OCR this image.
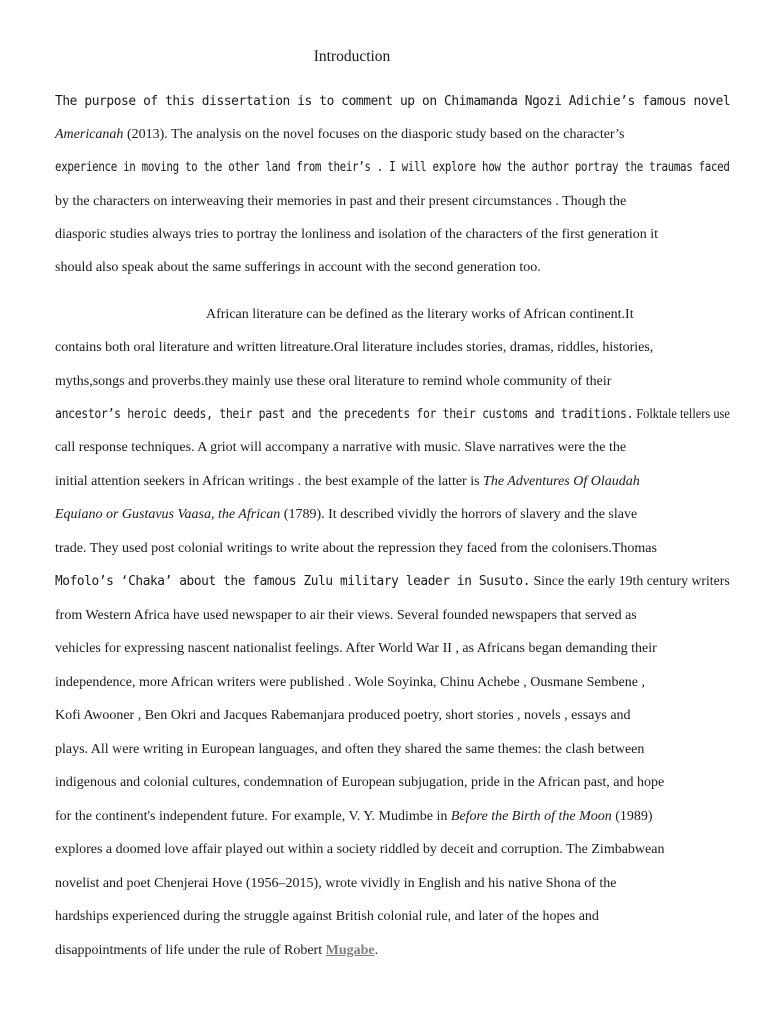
Introduction
The purpose of this dissertation is to comment up on Chimamanda Ngozi Adichie’s famous novel
Americanah (2013). The analysis on the novel focuses on the diasporic study based on the character’s
experience in moving to the other land from their’s . I will explore how the author portray the traumas faced
by the characters on interweaving their memories in past and their present circumstances . Though the
diasporic studies always tries to portray the lonliness and isolation of the characters of the first generation it
should also speak about the same sufferings in account with the second generation too.
African literature can be defined as the literary works of African continent.It
contains both oral literature and written litreature.Oral literature includes stories, dramas, riddles, histories,
myths,songs and proverbs.they mainly use these oral literature to remind whole community of their
ancestor’s heroic deeds, their past and the precedents for their customs and traditions. Folktale tellers use
call response techniques. A griot will accompany a narrative with music. Slave narratives were the the
initial attention seekers in African writings . the best example of the latter is The Adventures Of Olaudah
Equiano or Gustavus Vaasa, the African (1789). It described vividly the horrors of slavery and the slave
trade. They used post colonial writings to write about the repression they faced from the colonisers.Thomas
Mofolo’s ‘Chaka’ about the famous Zulu military leader in Susuto. Since the early 19th century writers
from Western Africa have used newspaper to air their views. Several founded newspapers that served as
vehicles for expressing nascent nationalist feelings. After World War II , as Africans began demanding their
independence, more African writers were published . Wole Soyinka, Chinu Achebe , Ousmane Sembene ,
Kofi Awooner , Ben Okri and Jacques Rabemanjara produced poetry, short stories , novels , essays and
plays. All were writing in European languages, and often they shared the same themes: the clash between
indigenous and colonial cultures, condemnation of European subjugation, pride in the African past, and hope
for the continent's independent future. For example, V. Y. Mudimbe in Before the Birth of the Moon (1989)
explores a doomed love affair played out within a society riddled by deceit and corruption. The Zimbabwean
novelist and poet Chenjerai Hove (1956–2015), wrote vividly in English and his native Shona of the
hardships experienced during the struggle against British colonial rule, and later of the hopes and
disappointments of life under the rule of Robert Mugabe.
